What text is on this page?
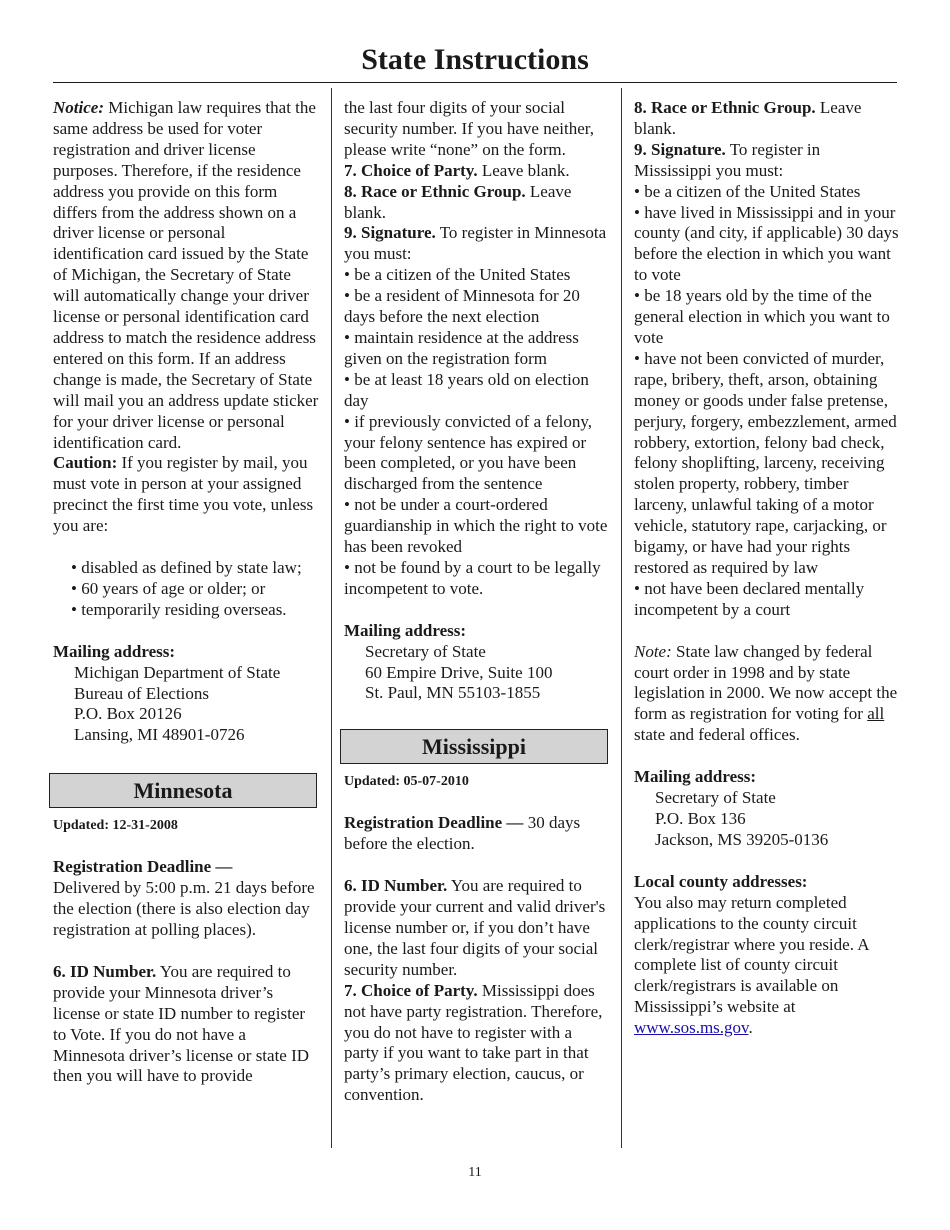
State Instructions

Notice: Michigan law requires that the same address be used for voter registration and driver license purposes. Therefore, if the residence address you provide on this form differs from the address shown on a driver license or personal identification card issued by the State of Michigan, the Secretary of State will automatically change your driver license or personal identification card address to match the residence address entered on this form. If an address change is made, the Secretary of State will mail you an address update sticker for your driver license or personal identification card.

Caution: If you register by mail, you must vote in person at your assigned precinct the first time you vote, unless you are:

• disabled as defined by state law;
• 60 years of age or older; or
• temporarily residing overseas.

Mailing address:

Michigan Department of State
Bureau of Elections
P.O. Box 20126
Lansing, MI 48901-0726
Minnesota
Updated: 12-31-2008

Registration Deadline —
Delivered by 5:00 p.m. 21 days before the election (there is also election day registration at polling places).

6. ID Number. You are required to provide your Minnesota driver’s license or state ID number to register to Vote. If you do not have a Minnesota driver’s license or state ID then you will have to provide

the last four digits of your social security number. If you have neither, please write “none” on the form.

7. Choice of Party. Leave blank.

8. Race or Ethnic Group. Leave blank.

9. Signature. To register in Minnesota you must:

• be a citizen of the United States
• be a resident of Minnesota for 20 days before the next election
• maintain residence at the address given on the registration form
• be at least 18 years old on election day
• if previously convicted of a felony, your felony sentence has expired or been completed, or you have been discharged from the sentence
• not be under a court-ordered guardianship in which the right to vote has been revoked
• not be found by a court to be legally incompetent to vote.

Mailing address:

Secretary of State
60 Empire Drive, Suite 100
St. Paul, MN 55103-1855
Mississippi
Updated: 05-07-2010

Registration Deadline — 30 days before the election.

6. ID Number. You are required to provide your current and valid driver's license number or, if you don’t have one, the last four digits of your social security number.

7. Choice of Party. Mississippi does not have party registration. Therefore, you do not have to register with a party if you want to take part in that party’s primary election, caucus, or convention.

8. Race or Ethnic Group. Leave blank.

9. Signature. To register in Mississippi you must:

• be a citizen of the United States
• have lived in Mississippi and in your county (and city, if applicable) 30 days before the election in which you want to vote
• be 18 years old by the time of the general election in which you want to vote
• have not been convicted of murder, rape, bribery, theft, arson, obtaining money or goods under false pretense, perjury, forgery, embezzlement, armed robbery, extortion, felony bad check, felony shoplifting, larceny, receiving stolen property, robbery, timber larceny, unlawful taking of a motor vehicle, statutory rape, carjacking, or bigamy, or have had your rights restored as required by law
• not have been declared mentally incompetent by a court

Note: State law changed by federal court order in 1998 and by state legislation in 2000. We now accept the form as registration for voting for all state and federal offices.

Mailing address:

Secretary of State
P.O. Box 136
Jackson, MS 39205-0136

Local county addresses:

You also may return completed applications to the county circuit clerk/registrar where you reside. A complete list of county circuit clerk/registrars is available on Mississippi’s website at www.sos.ms.gov.

11
